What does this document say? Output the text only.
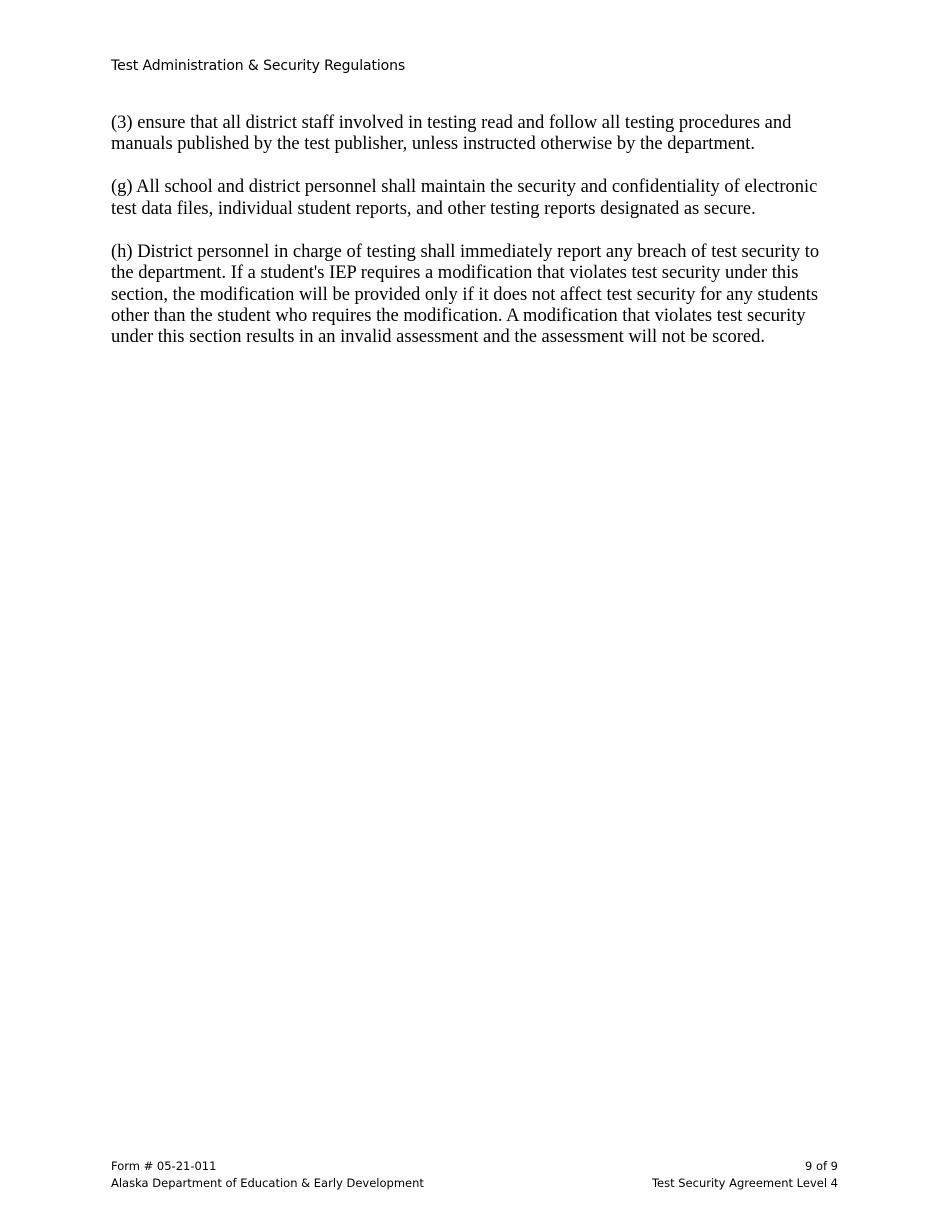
Test Administration & Security Regulations

(3) ensure that all district staff involved in testing read and follow all testing procedures and manuals published by the test publisher, unless instructed otherwise by the department.

(g) All school and district personnel shall maintain the security and confidentiality of electronic test data files, individual student reports, and other testing reports designated as secure.

(h) District personnel in charge of testing shall immediately report any breach of test security to the department. If a student's IEP requires a modification that violates test security under this section, the modification will be provided only if it does not affect test security for any students other than the student who requires the modification. A modification that violates test security under this section results in an invalid assessment and the assessment will not be scored.

Form # 05-21-011	9 of 9
Alaska Department of Education & Early Development	Test Security Agreement Level 4
